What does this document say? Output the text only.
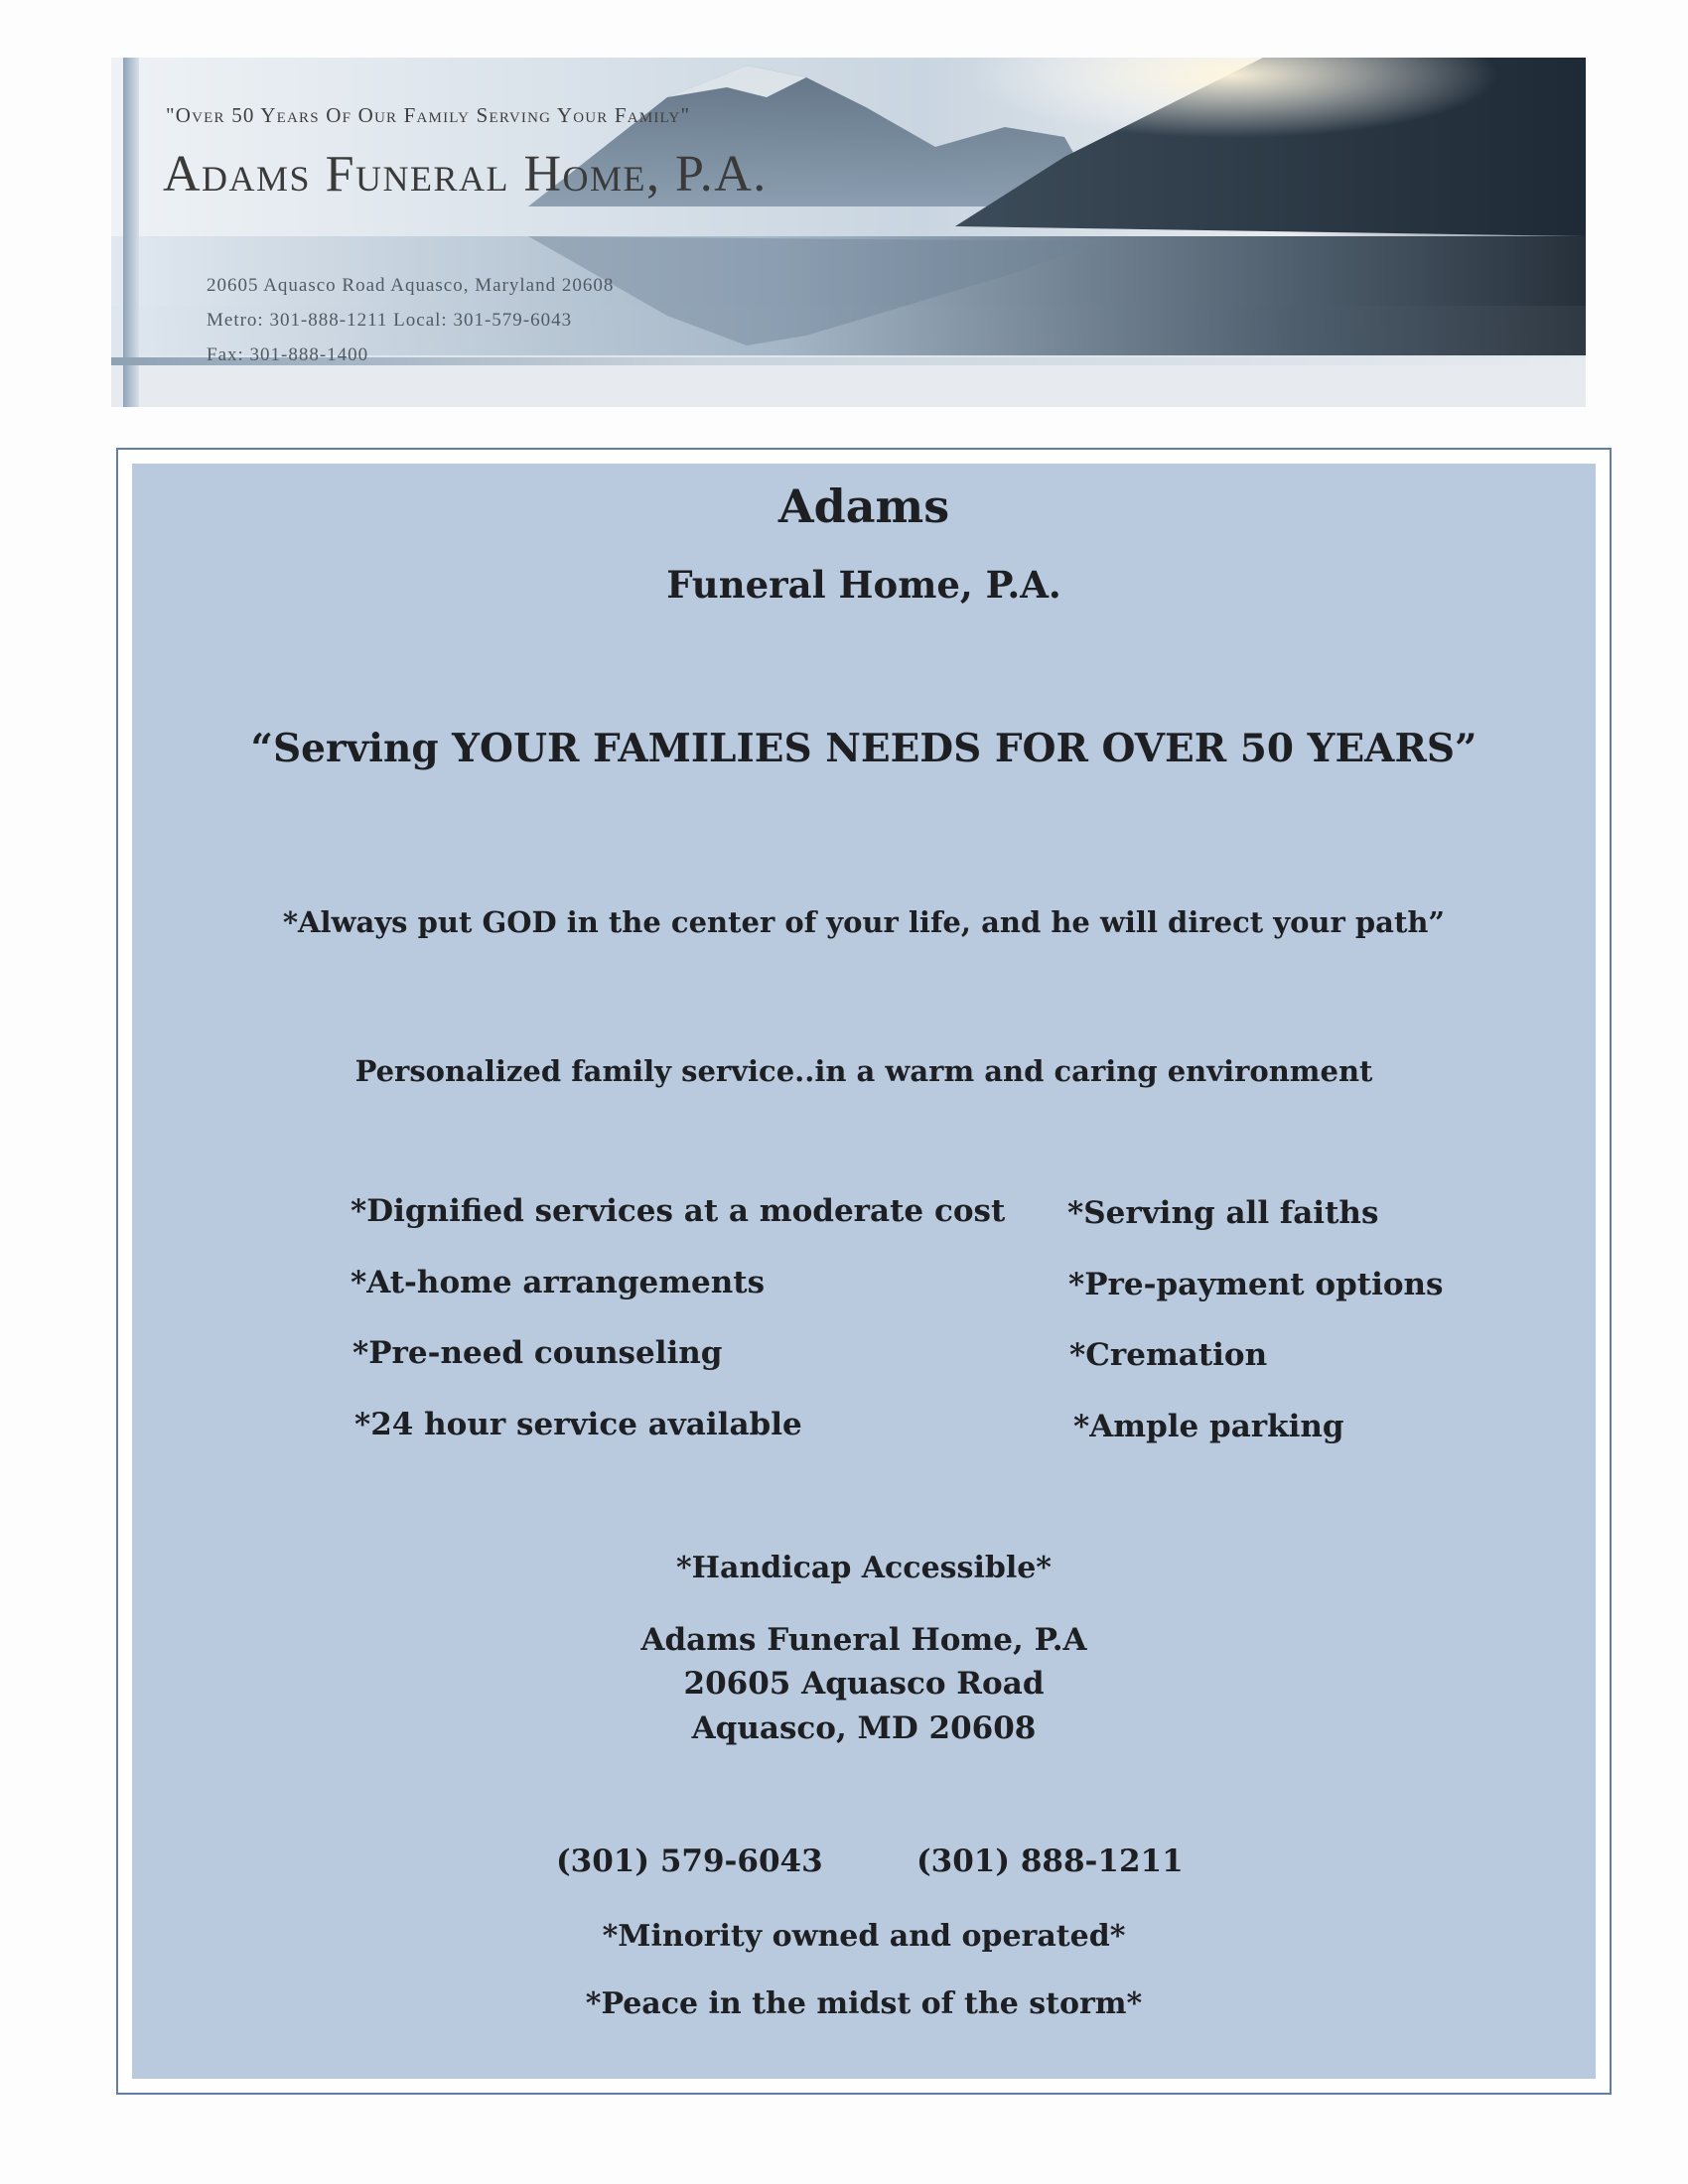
"Over 50 Years Of Our Family Serving Your Family"
Adams Funeral Home, P.A.
20605 Aquasco Road Aquasco, Maryland 20608
Metro: 301-888-1211 Local: 301-579-6043
Fax: 301-888-1400
Adams
Funeral Home, P.A.
“Serving YOUR FAMILIES NEEDS FOR OVER 50 YEARS”
*Always put GOD in the center of your life, and he will direct your path”
Personalized family service..in a warm and caring environment
*Dignified services at a moderate cost
*At-home arrangements
*Pre-need counseling
*24 hour service available
*Serving all faiths
*Pre-payment options
*Cremation
*Ample parking
*Handicap Accessible*
Adams Funeral Home, P.A
20605 Aquasco Road
Aquasco, MD 20608
(301) 579-6043	(301) 888-1211
*Minority owned and operated*
*Peace in the midst of the storm*
